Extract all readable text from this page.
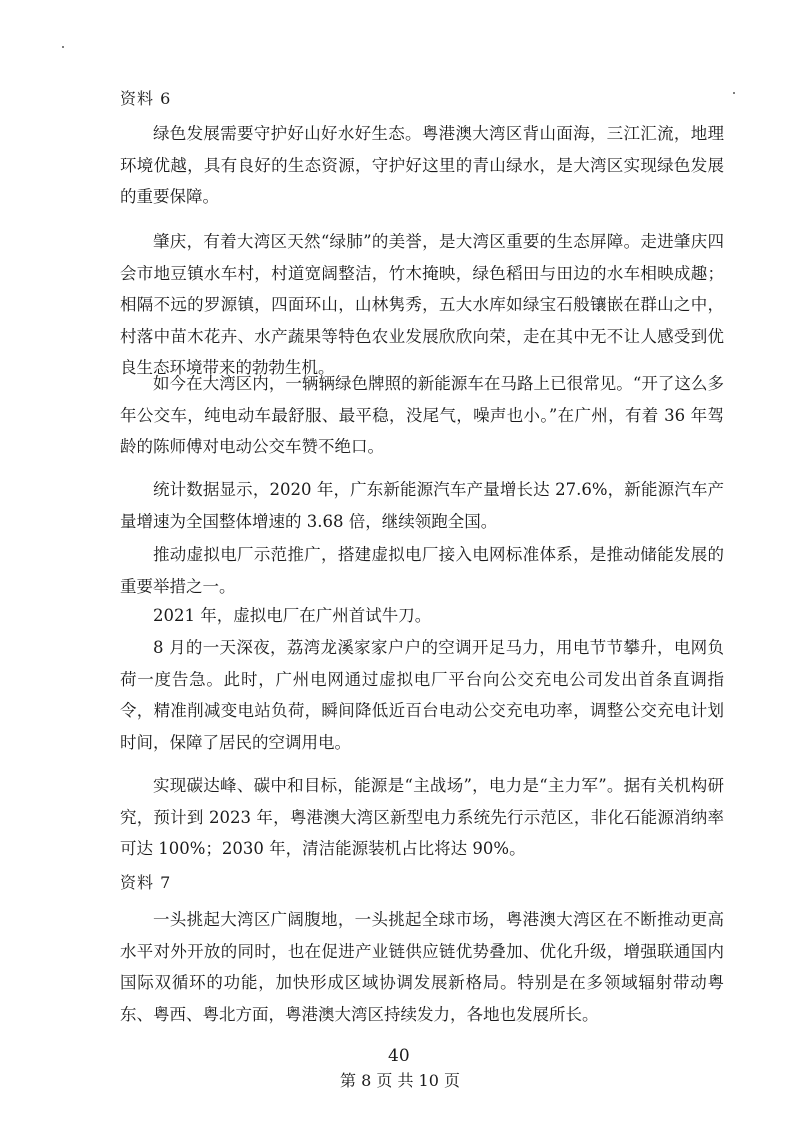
资料 6

绿色发展需要守护好山好水好生态。粤港澳大湾区背山面海，三江汇流，地理环境优越，具有良好的生态资源，守护好这里的青山绿水，是大湾区实现绿色发展的重要保障。

肇庆，有着大湾区天然“绿肺”的美誉，是大湾区重要的生态屏障。走进肇庆四会市地豆镇水车村，村道宽阔整洁，竹木掩映，绿色稻田与田边的水车相映成趣；相隔不远的罗源镇，四面环山，山林隽秀，五大水库如绿宝石般镶嵌在群山之中，村落中苗木花卉、水产蔬果等特色农业发展欣欣向荣，走在其中无不让人感受到优良生态环境带来的勃勃生机。

如今在大湾区内，一辆辆绿色牌照的新能源车在马路上已很常见。“开了这么多年公交车，纯电动车最舒服、最平稳，没尾气，噪声也小。”在广州，有着 36 年驾龄的陈师傅对电动公交车赞不绝口。

统计数据显示，2020 年，广东新能源汽车产量增长达 27.6%，新能源汽车产量增速为全国整体增速的 3.68 倍，继续领跑全国。

推动虚拟电厂示范推广，搭建虚拟电厂接入电网标准体系，是推动储能发展的重要举措之一。

2021 年，虚拟电厂在广州首试牛刀。

8 月的一天深夜，荔湾龙溪家家户户的空调开足马力，用电节节攀升，电网负荷一度告急。此时，广州电网通过虚拟电厂平台向公交充电公司发出首条直调指令，精准削减变电站负荷，瞬间降低近百台电动公交充电功率，调整公交充电计划时间，保障了居民的空调用电。

实现碳达峰、碳中和目标，能源是“主战场”，电力是“主力军”。据有关机构研究，预计到 2023 年，粤港澳大湾区新型电力系统先行示范区，非化石能源消纳率可达 100%；2030 年，清洁能源装机占比将达 90%。

资料 7

一头挑起大湾区广阔腹地，一头挑起全球市场，粤港澳大湾区在不断推动更高水平对外开放的同时，也在促进产业链供应链优势叠加、优化升级，增强联通国内国际双循环的功能，加快形成区域协调发展新格局。特别是在多领域辐射带动粤东、粤西、粤北方面，粤港澳大湾区持续发力，各地也发展所长。

40
第 8 页 共 10 页
